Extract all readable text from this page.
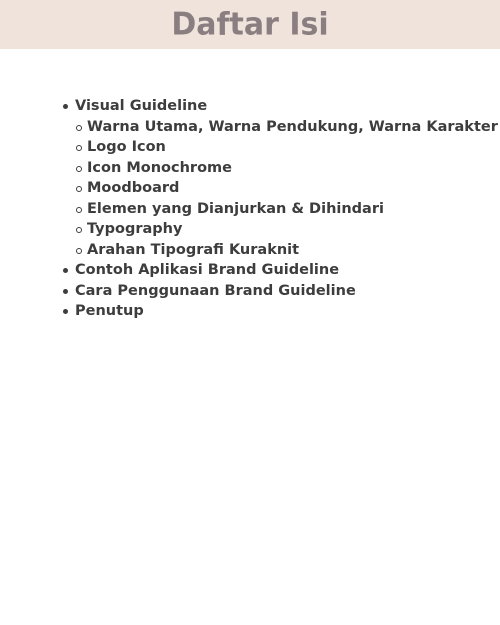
Daftar Isi
Visual Guideline
Warna Utama, Warna Pendukung, Warna Karakter
Logo Icon
Icon Monochrome
Moodboard
Elemen yang Dianjurkan & Dihindari
Typography
Arahan Tipografi Kuraknit
Contoh Aplikasi Brand Guideline
Cara Penggunaan Brand Guideline
Penutup
